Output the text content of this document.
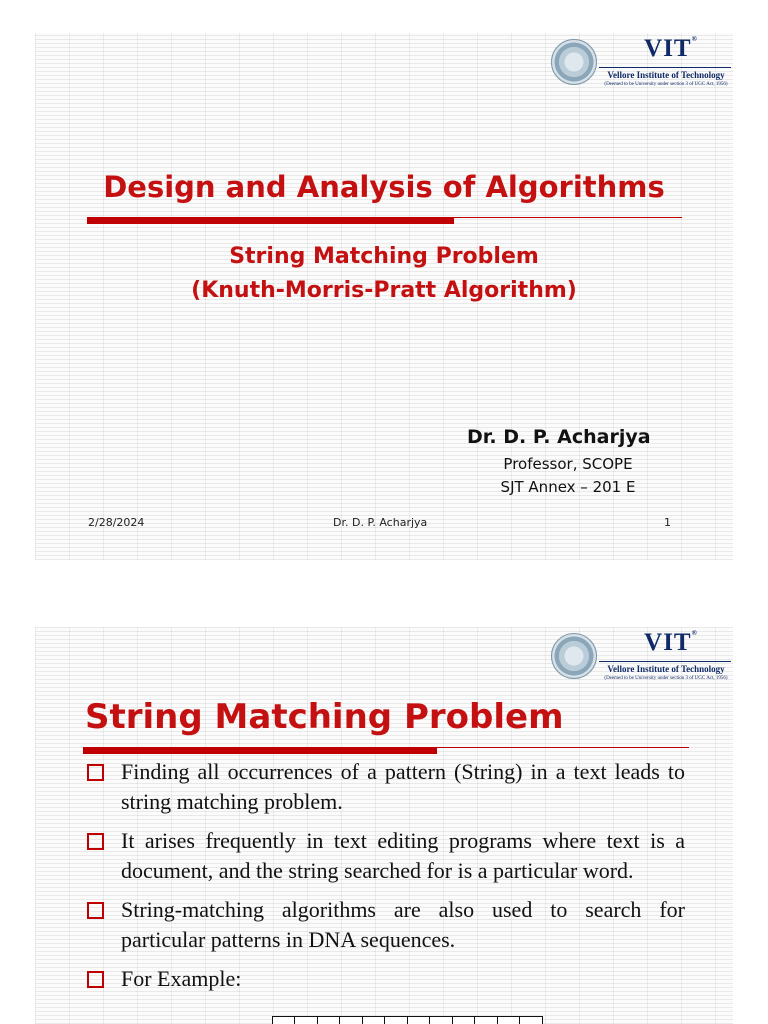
VIT®
Vellore Institute of Technology
(Deemed to be University under section 3 of UGC Act, 1956)
Design and Analysis of Algorithms
String Matching Problem
(Knuth-Morris-Pratt Algorithm)
Dr. D. P. Acharjya
Professor, SCOPE
SJT Annex – 201 E
2/28/2024	Dr. D. P. Acharjya	1
VIT®
Vellore Institute of Technology
(Deemed to be University under section 3 of UGC Act, 1956)
String Matching Problem
Finding all occurrences of a pattern (String) in a text leads to string matching problem.
It arises frequently in text editing programs where text is a document, and the string searched for is a particular word.
String-matching algorithms are also used to search for particular patterns in DNA sequences.
For Example:
